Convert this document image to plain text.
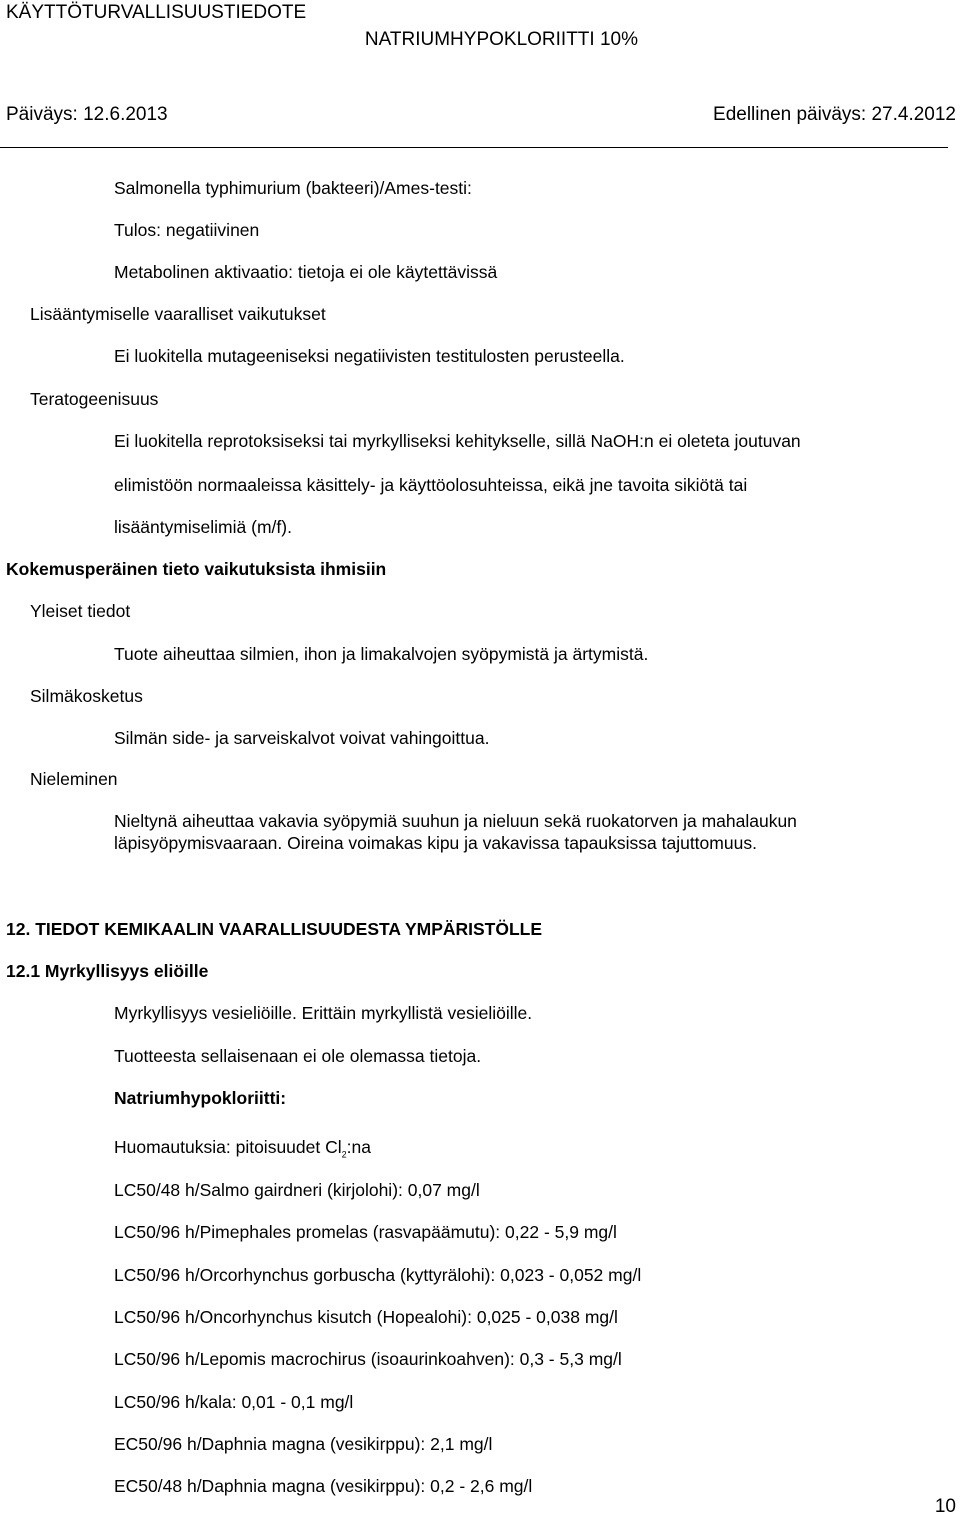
KÄYTTÖTURVALLISUUSTIEDOTE
NATRIUMHYPOKLORIITTI 10%
Päiväys: 12.6.2013	Edellinen päiväys: 27.4.2012
Salmonella typhimurium (bakteeri)/Ames-testi:
Tulos: negatiivinen
Metabolinen aktivaatio: tietoja ei ole käytettävissä
Lisääntymiselle vaaralliset vaikutukset
Ei luokitella mutageeniseksi negatiivisten testitulosten perusteella.
Teratogeenisuus
Ei luokitella reprotoksiseksi tai myrkylliseksi kehitykselle, sillä NaOH:n ei oleteta joutuvan
elimistöön normaaleissa käsittely- ja käyttöolosuhteissa, eikä jne tavoita sikiötä tai
lisääntymiselimiä (m/f).
Kokemusperäinen tieto vaikutuksista ihmisiin
Yleiset tiedot
Tuote aiheuttaa silmien, ihon ja limakalvojen syöpymistä ja ärtymistä.
Silmäkosketus
Silmän side- ja sarveiskalvot voivat vahingoittua.
Nieleminen
Nieltynä aiheuttaa vakavia syöpymiä suuhun ja nieluun sekä ruokatorven ja mahalaukun läpisyöpymisvaaraan. Oireina voimakas kipu ja vakavissa tapauksissa tajuttomuus.
12. TIEDOT KEMIKAALIN VAARALLISUUDESTA YMPÄRISTÖLLE
12.1 Myrkyllisyys eliöille
Myrkyllisyys vesieliöille. Erittäin myrkyllistä vesieliöille.
Tuotteesta sellaisenaan ei ole olemassa tietoja.
Natriumhypokloriitti:
Huomautuksia: pitoisuudet $Cl_2:na$
LC50/48 h/Salmo gairdneri (kirjolohi): 0,07 mg/l
LC50/96 h/Pimephales promelas (rasvapäämutu): 0,22 - 5,9 mg/l
LC50/96 h/Orcorhynchus gorbuscha (kyttyrälohi): 0,023 - 0,052 mg/l
LC50/96 h/Oncorhynchus kisutch (Hopealohi): 0,025 - 0,038 mg/l
LC50/96 h/Lepomis macrochirus (isoaurinkoahven): 0,3 - 5,3 mg/l
LC50/96 h/kala: 0,01 - 0,1 mg/l
EC50/96 h/Daphnia magna (vesikirppu): 2,1 mg/l
EC50/48 h/Daphnia magna (vesikirppu): 0,2 - 2,6 mg/l
10
